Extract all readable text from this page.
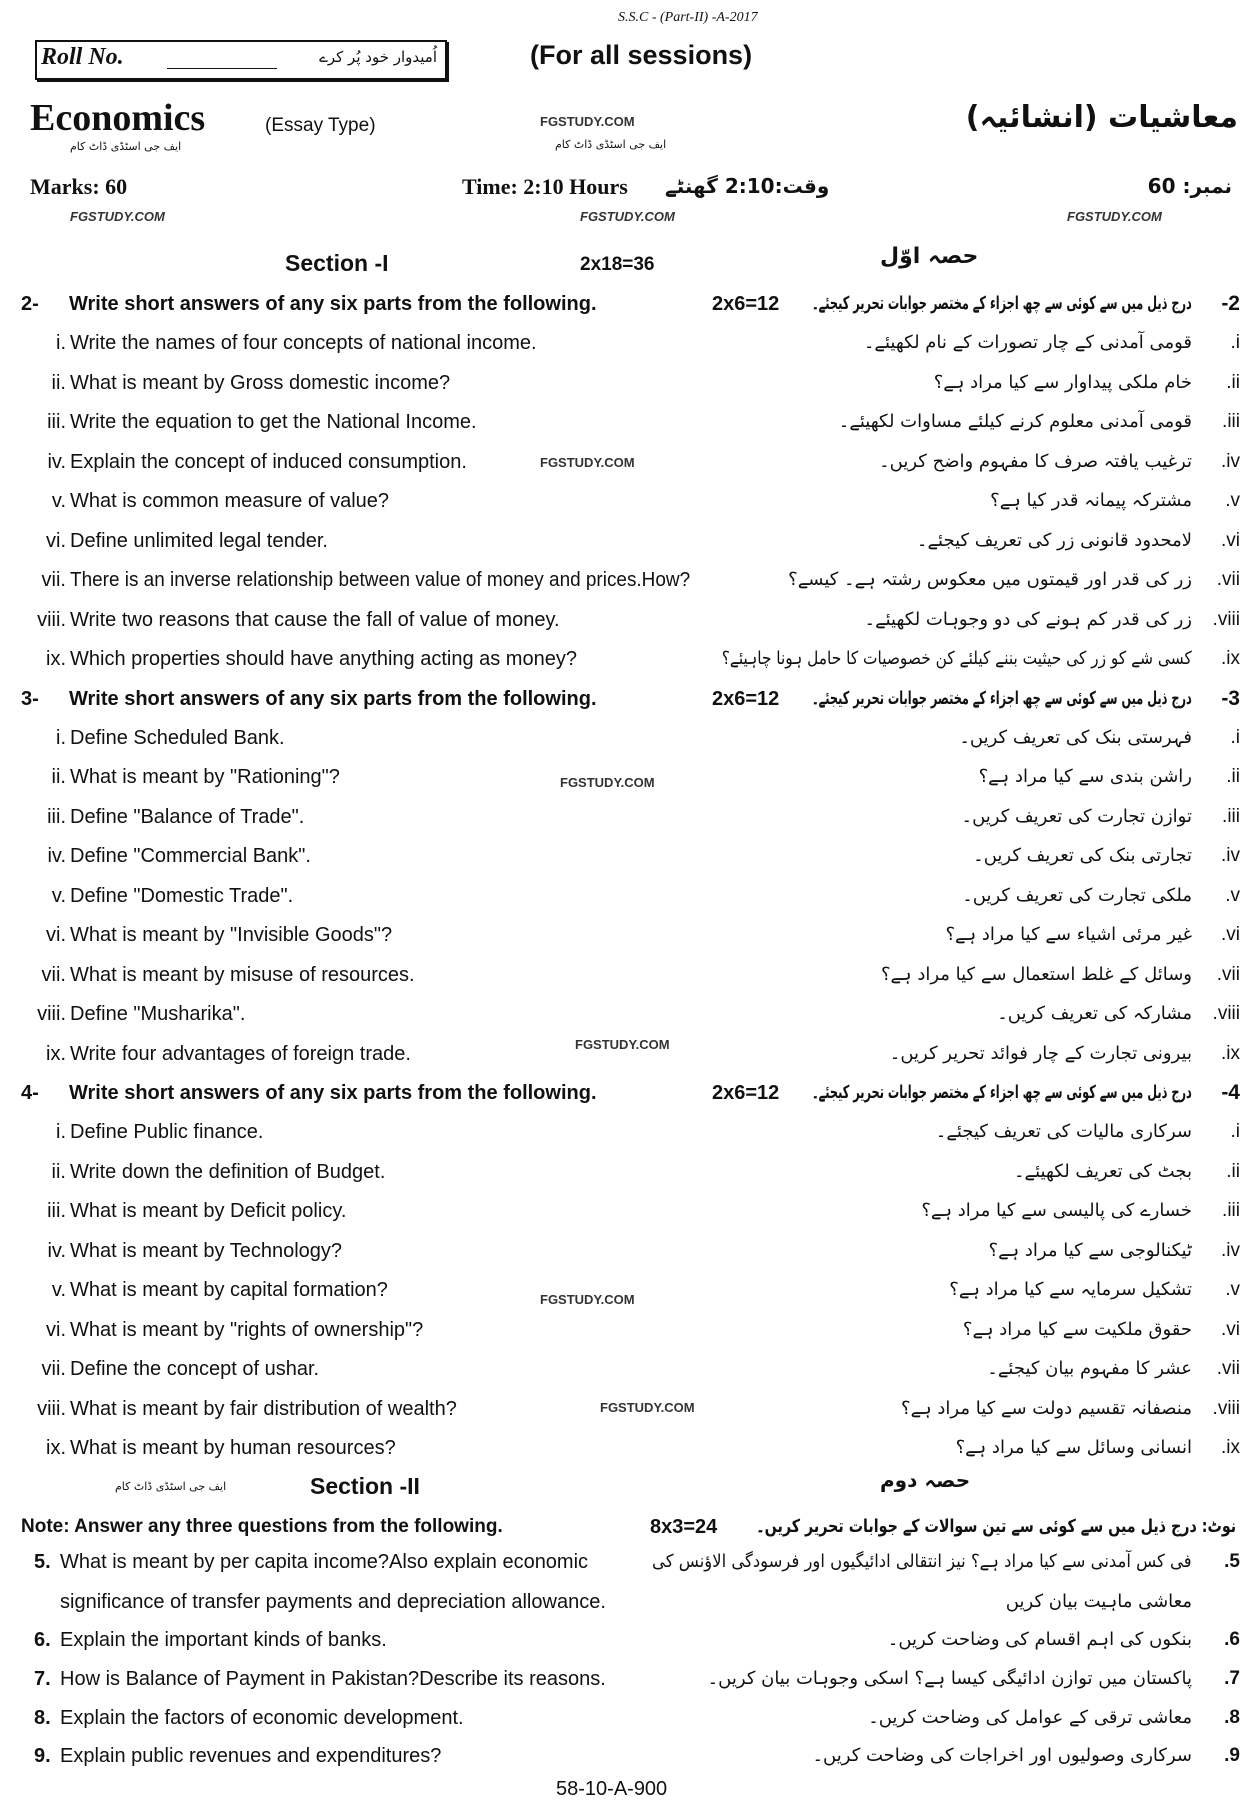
S.S.C - (Part-II) -A-2017
Roll No.	اُمیدوار خود پُر کرے	(For all sessions)
Economics	(Essay Type)	معاشیات (انشائیہ)
FGSTUDY.COM
ایف جی اسٹڈی ڈاٹ کام
ایف جی اسٹڈی ڈاٹ کام
Marks: 60	Time: 2:10 Hours وقت:2:10 گھنٹے	نمبر: 60
FGSTUDY.COM	FGSTUDY.COM	FGSTUDY.COM
Section -I	2x18=36	حصہ اوّل
2- Write short answers of any six parts from the following.	2x6=12 درج ذیل میں سے کوئی سے چھ اجزاء کے مختصر جوابات تحریر کیجئے۔ -2
i. Write the names of four concepts of national income.	قومی آمدنی کے چار تصورات کے نام لکھیئے۔ .i
ii. What is meant by Gross domestic income?	خام ملکی پیداوار سے کیا مراد ہے؟ .ii
iii. Write the equation to get the National Income.	قومی آمدنی معلوم کرنے کیلئے مساوات لکھیئے۔ .iii
iv. Explain the concept of induced consumption.	ترغیب یافتہ صرف کا مفہوم واضح کریں۔ .iv
v. What is common measure of value?	مشترکہ پیمانہ قدر کیا ہے؟ .v
vi. Define unlimited legal tender.	لامحدود قانونی زر کی تعریف کیجئے۔ .vi
vii. There is an inverse relationship between value of money and prices.How?	زر کی قدر اور قیمتوں میں معکوس رشتہ ہے۔ کیسے؟ .vii
viii. Write two reasons that cause the fall of value of money.	زر کی قدر کم ہونے کی دو وجوہات لکھیئے۔ .viii
ix. Which properties should have anything acting as money?	کسی شے کو زر کی حیثیت بننے کیلئے کن خصوصیات کا حامل ہونا چاہیئے؟ .ix
3- Write short answers of any six parts from the following.	2x6=12 درج ذیل میں سے کوئی سے چھ اجزاء کے مختصر جوابات تحریر کیجئے۔ -3
i. Define Scheduled Bank.	فہرستی بنک کی تعریف کریں۔ .i
ii. What is meant by "Rationing"?	راشن بندی سے کیا مراد ہے؟ .ii
iii. Define "Balance of Trade".	توازن تجارت کی تعریف کریں۔ .iii
iv. Define "Commercial Bank".	تجارتی بنک کی تعریف کریں۔ .iv
v. Define "Domestic Trade".	ملکی تجارت کی تعریف کریں۔ .v
vi. What is meant by "Invisible Goods"?	غیر مرئی اشیاء سے کیا مراد ہے؟ .vi
vii. What is meant by misuse of resources.	وسائل کے غلط استعمال سے کیا مراد ہے؟ .vii
viii. Define "Musharika".	مشارکہ کی تعریف کریں۔ .viii
ix. Write four advantages of foreign trade.	بیرونی تجارت کے چار فوائد تحریر کریں۔ .ix
4- Write short answers of any six parts from the following.	2x6=12 درج ذیل میں سے کوئی سے چھ اجزاء کے مختصر جوابات تحریر کیجئے۔ -4
i. Define Public finance.	سرکاری مالیات کی تعریف کیجئے۔ .i
ii. Write down the definition of Budget.	بجٹ کی تعریف لکھیئے۔ .ii
iii. What is meant by Deficit policy.	خسارے کی پالیسی سے کیا مراد ہے؟ .iii
iv. What is meant by Technology?	ٹیکنالوجی سے کیا مراد ہے؟ .iv
v. What is meant by capital formation?	تشکیل سرمایہ سے کیا مراد ہے؟ .v
vi. What is meant by "rights of ownership"?	حقوق ملکیت سے کیا مراد ہے؟ .vi
vii. Define the concept of ushar.	عشر کا مفہوم بیان کیجئے۔ .vii
viii. What is meant by fair distribution of wealth?	منصفانہ تقسیم دولت سے کیا مراد ہے؟ .viii
ix. What is meant by human resources?	انسانی وسائل سے کیا مراد ہے؟ .ix
Section -II	حصہ دوم
ایف جی اسٹڈی ڈاٹ کام
Note: Answer any three questions from the following.	8x3=24 نوٹ: درج ذیل میں سے کوئی سے تین سوالات کے جوابات تحریر کریں۔
5. What is meant by per capita income?Also explain economic	فی کس آمدنی سے کیا مراد ہے؟ نیز انتقالی ادائیگیوں اور فرسودگی الاؤنس کی .5
significance of transfer payments and depreciation allowance.	معاشی ماہیت بیان کریں
6. Explain the important kinds of banks.	بنکوں کی اہم اقسام کی وضاحت کریں۔ .6
7. How is Balance of Payment in Pakistan?Describe its reasons.	پاکستان میں توازن ادائیگی کیسا ہے؟ اسکی وجوہات بیان کریں۔ .7
8. Explain the factors of economic development.	معاشی ترقی کے عوامل کی وضاحت کریں۔ .8
9. Explain public revenues and expenditures?	سرکاری وصولیوں اور اخراجات کی وضاحت کریں۔ .9
58-10-A-900
FGSTUDY.COM
FGSTUDY.COM
FGSTUDY.COM
FGSTUDY.COM
FGSTUDY.COM
